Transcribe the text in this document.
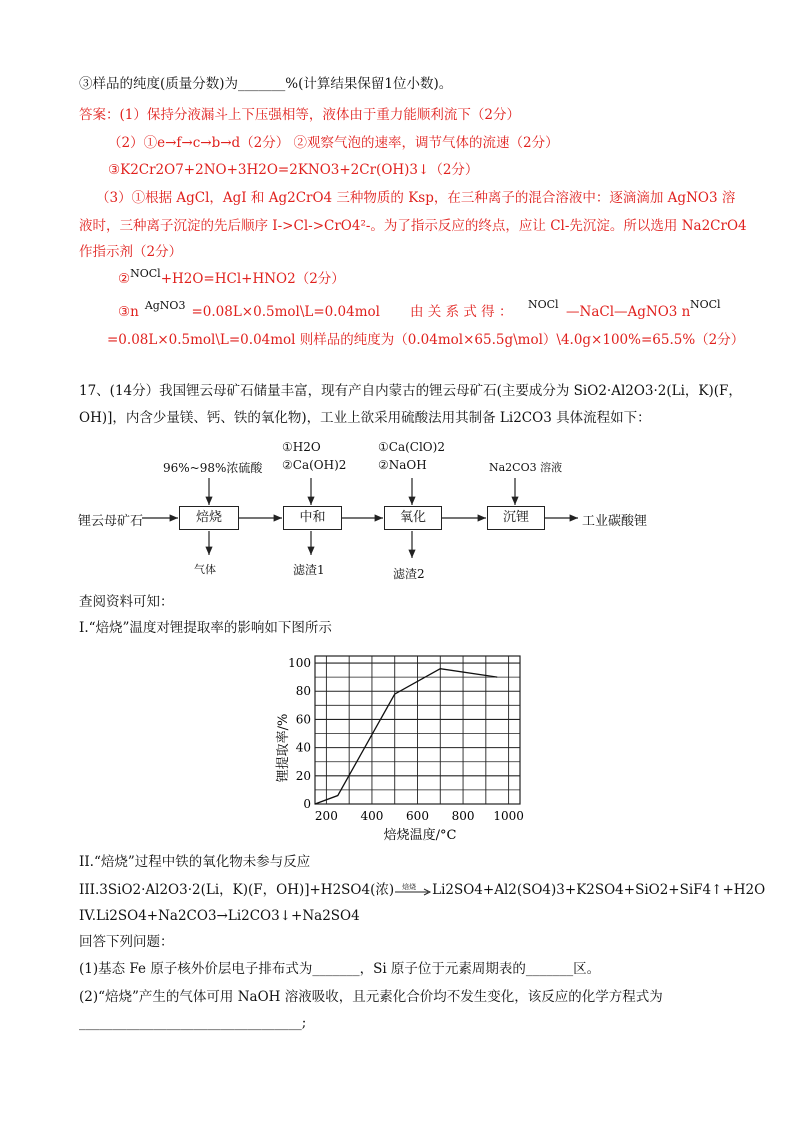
③样品的纯度(质量分数)为_______%(计算结果保留1位小数)。
答案：(1）保持分液漏斗上下压强相等，液体由于重力能顺利流下（2分）
（2）①e→f→c→b→d（2分） ②观察气泡的速率，调节气体的流速（2分）
③K2Cr2O7+2NO+3H2O=2KNO3+2Cr(OH)3↓（2分）
（3）①根据 AgCl，AgI 和 Ag2CrO4 三种物质的 Ksp，在三种离子的混合溶液中：逐滴滴加 AgNO3 溶
液时，三种离子沉淀的先后顺序 I->Cl->CrO4²-。为了指示反应的终点，应让 Cl-先沉淀。所以选用 Na2CrO4
作指示剂（2分）
②$^{NOCl}$+H2O=HCl+HNO2（2分）
③n $^{AgNO3}$ =0.08L×0.5mol\L=0.04mol 由 关 系 式 得 ： NOCl —NaCl—AgNO3 n NOCl
=0.08L×0.5mol\L=0.04mol 则样品的纯度为（0.04mol×65.5g\mol）\4.0g×100%=65.5%（2分）
17、(14分）我国锂云母矿石储量丰富，现有产自内蒙古的锂云母矿石(主要成分为 SiO2·Al2O3·2(Li，K)(F，
OH)]，内含少量镁、钙、铁的氧化物)，工业上欲采用硫酸法用其制备 Li2CO3 具体流程如下：
锂云母矿石	焙烧	中和	氧化	沉锂	工业碳酸锂
96%~98%浓硫酸
①H2O
②Ca(OH)2
①Ca(ClO)2
②NaOH	Na2CO3 溶液
气体	滤渣1	滤渣2
查阅资料可知：
I.“焙烧”温度对锂提取率的影响如下图所示
0
20
40
60
80
100
200 400 600 800 1000
锂提取率/%
焙烧温度/°C
II.“焙烧”过程中铁的氧化物未参与反应
III.3SiO2·Al2O3·2(Li，K)(F，OH)]+H2SO4(浓) 焙烧 Li2SO4+Al2(SO4)3+K2SO4+SiO2+SiF4↑+H2O
IV.Li2SO4+Na2CO3→Li2CO3↓+Na2SO4
回答下列问题：
(1)基态 Fe 原子核外价层电子排布式为_______，Si 原子位于元素周期表的_______区。
(2)“焙烧”产生的气体可用 NaOH 溶液吸收，且元素化合价均不发生变化，该反应的化学方程式为
_________________________________;
